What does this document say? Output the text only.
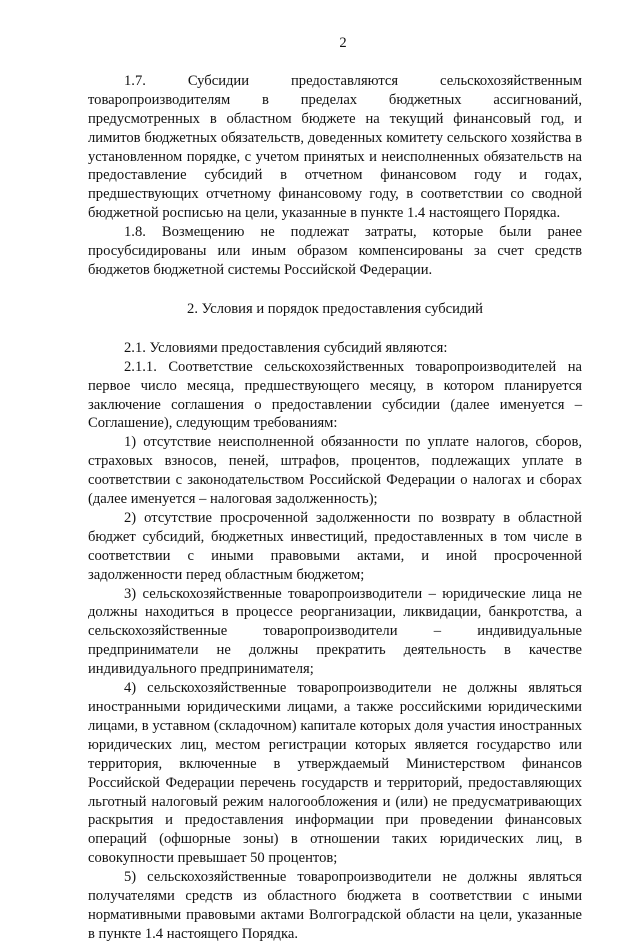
2

1.7. Субсидии предоставляются сельскохозяйственным товаропроизводителям в пределах бюджетных ассигнований, предусмотренных в областном бюджете на текущий финансовый год, и лимитов бюджетных обязательств, доведенных комитету сельского хозяйства в установленном порядке, с учетом принятых и неисполненных обязательств на предоставление субсидий в отчетном финансовом году и годах, предшествующих отчетному финансовому году, в соответствии со сводной бюджетной росписью на цели, указанные в пункте 1.4 настоящего Порядка.

1.8. Возмещению не подлежат затраты, которые были ранее просубсидированы или иным образом компенсированы за счет средств бюджетов бюджетной системы Российской Федерации.

2. Условия и порядок предоставления субсидий

2.1. Условиями предоставления субсидий являются:

2.1.1. Соответствие сельскохозяйственных товаропроизводителей на первое число месяца, предшествующего месяцу, в котором планируется заключение соглашения о предоставлении субсидии (далее именуется – Соглашение), следующим требованиям:

1) отсутствие неисполненной обязанности по уплате налогов, сборов, страховых взносов, пеней, штрафов, процентов, подлежащих уплате в соответствии с законодательством Российской Федерации о налогах и сборах (далее именуется – налоговая задолженность);

2) отсутствие просроченной задолженности по возврату в областной бюджет субсидий, бюджетных инвестиций, предоставленных в том числе в соответствии с иными правовыми актами, и иной просроченной задолженности перед областным бюджетом;

3) сельскохозяйственные товаропроизводители – юридические лица не должны находиться в процессе реорганизации, ликвидации, банкротства, а сельскохозяйственные товаропроизводители – индивидуальные предприниматели не должны прекратить деятельность в качестве индивидуального предпринимателя;

4) сельскохозяйственные товаропроизводители не должны являться иностранными юридическими лицами, а также российскими юридическими лицами, в уставном (складочном) капитале которых доля участия иностранных юридических лиц, местом регистрации которых является государство или территория, включенные в утверждаемый Министерством финансов Российской Федерации перечень государств и территорий, предоставляющих льготный налоговый режим налогообложения и (или) не предусматривающих раскрытия и предоставления информации при проведении финансовых операций (офшорные зоны) в отношении таких юридических лиц, в совокупности превышает 50 процентов;

5) сельскохозяйственные товаропроизводители не должны являться получателями средств из областного бюджета в соответствии с иными нормативными правовыми актами Волгоградской области на цели, указанные в пункте 1.4 настоящего Порядка.
